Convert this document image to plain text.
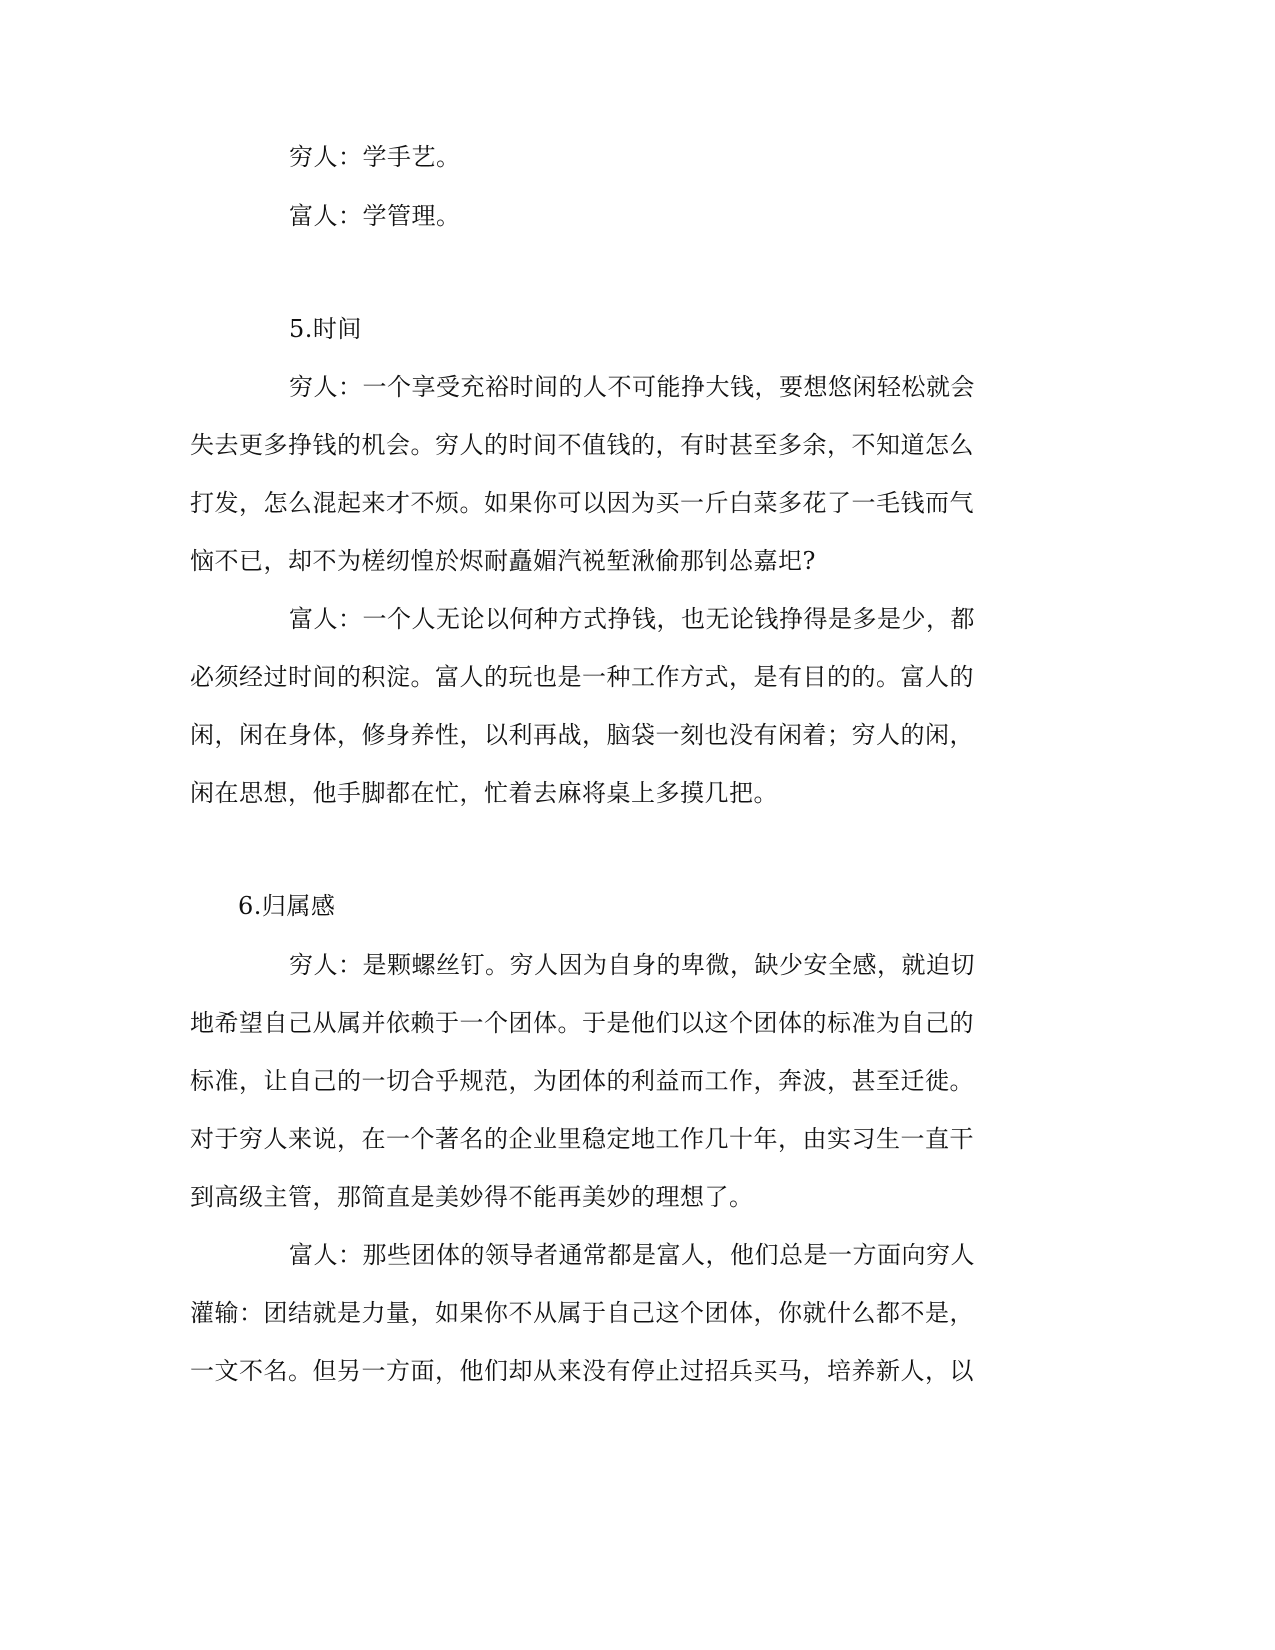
穷人：学手艺。

富人：学管理。

5.时间

穷人：一个享受充裕时间的人不可能挣大钱，要想悠闲轻松就会

失去更多挣钱的机会。穷人的时间不值钱的，有时甚至多余，不知道怎么

打发，怎么混起来才不烦。如果你可以因为买一斤白菜多花了一毛钱而气

恼不已，却不为槎纫惶於烬耐矗媚汽裞堑湫偷那钊怂嘉圯?

富人：一个人无论以何种方式挣钱，也无论钱挣得是多是少，都

必须经过时间的积淀。富人的玩也是一种工作方式，是有目的的。富人的

闲，闲在身体，修身养性，以利再战，脑袋一刻也没有闲着；穷人的闲，

闲在思想，他手脚都在忙，忙着去麻将桌上多摸几把。

6.归属感

穷人：是颗螺丝钉。穷人因为自身的卑微，缺少安全感，就迫切

地希望自己从属并依赖于一个团体。于是他们以这个团体的标准为自己的

标准，让自己的一切合乎规范，为团体的利益而工作，奔波，甚至迁徙。

对于穷人来说，在一个著名的企业里稳定地工作几十年，由实习生一直干

到高级主管，那简直是美妙得不能再美妙的理想了。

富人：那些团体的领导者通常都是富人，他们总是一方面向穷人

灌输：团结就是力量，如果你不从属于自己这个团体，你就什么都不是，

一文不名。但另一方面，他们却从来没有停止过招兵买马，培养新人，以
